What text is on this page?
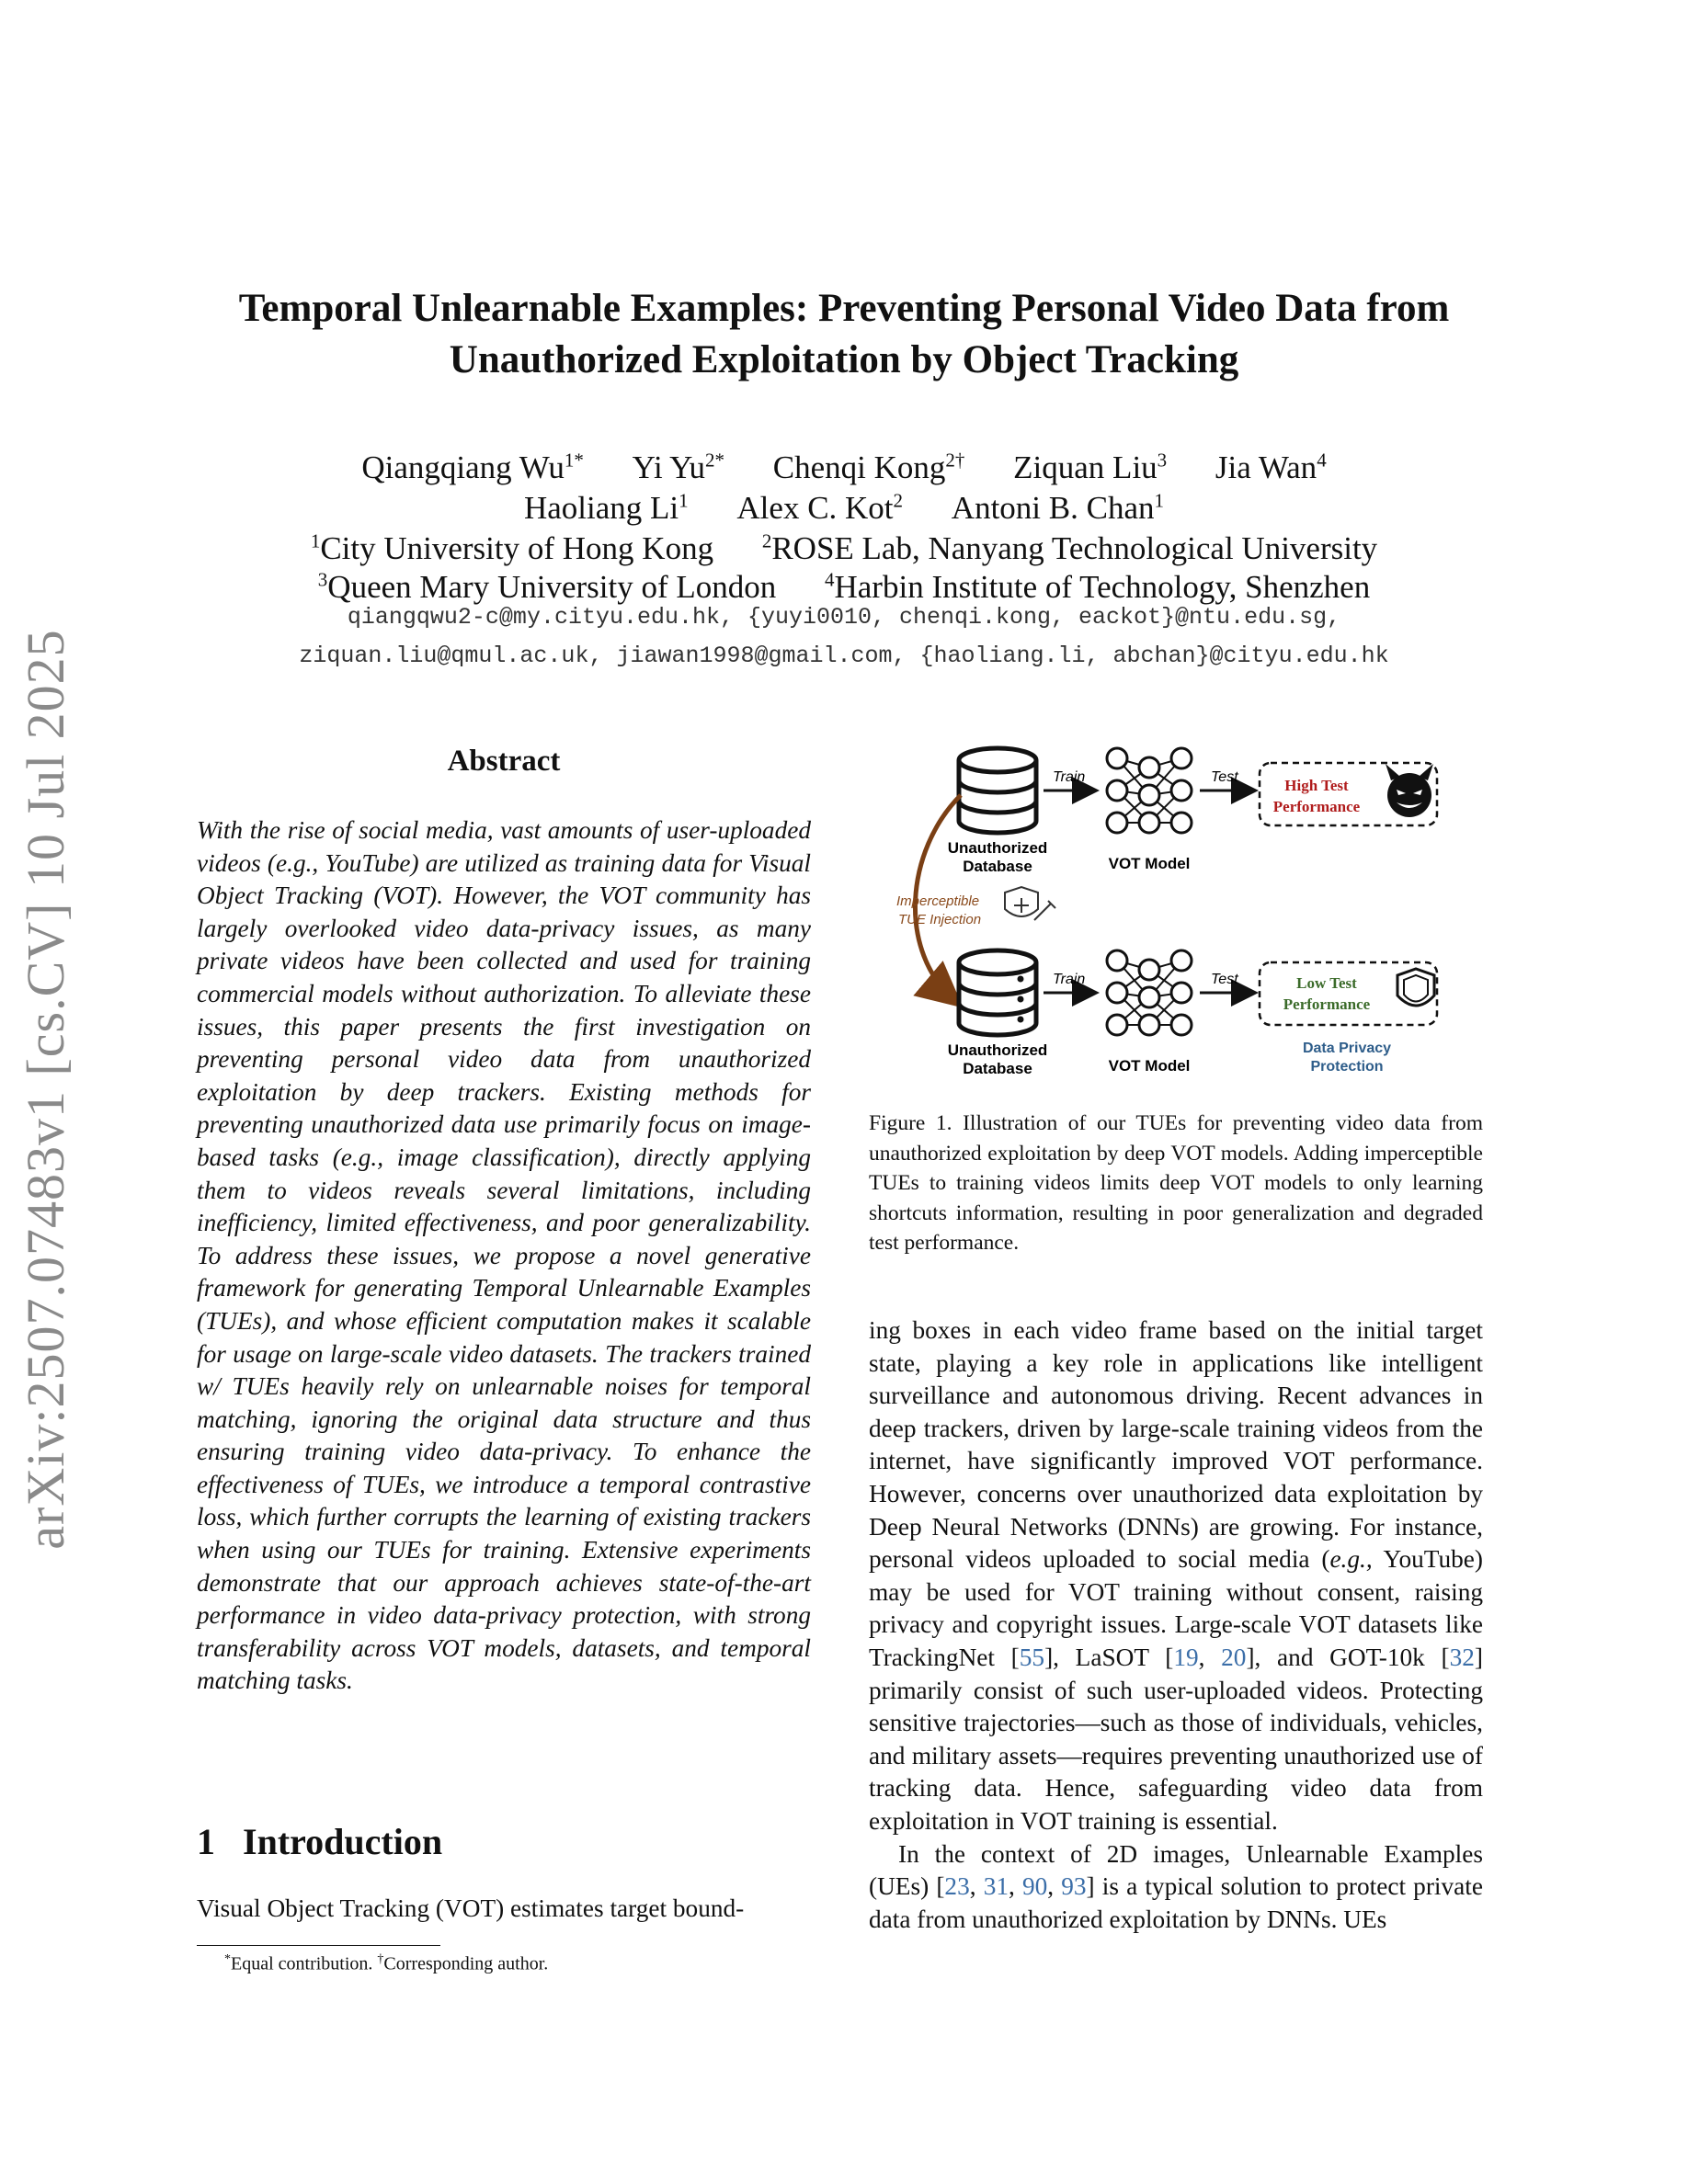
arXiv:2507.07483v1 [cs.CV] 10 Jul 2025
Temporal Unlearnable Examples: Preventing Personal Video Data from Unauthorized Exploitation by Object Tracking
Qiangqiang $Wu^{1*}$ Yi $Yu^{2*}$ Chenqi Kong$^{2\dagger}$ Ziquan Liu$^3$ Jia Wan$^4$
Haoliang Li$^1$ Alex C. Kot$^2$ Antoni B. Chan$^1$
$^1$City University of Hong Kong	$^2$ROSE Lab, Nanyang Technological University
$^3$Queen Mary University of London	$^4$Harbin Institute of Technology, Shenzhen
qiangqwu2-c@my.cityu.edu.hk, {yuyi0010, chenqi.kong, eackot}@ntu.edu.sg,
ziquan.liu@qmul.ac.uk, jiawan1998@gmail.com, {haoliang.li, abchan}@cityu.edu.hk
Abstract
With the rise of social media, vast amounts of user-uploaded videos (e.g., YouTube) are utilized as training data for Visual Object Tracking (VOT). However, the VOT community has largely overlooked video data-privacy issues, as many private videos have been collected and used for training commercial models without authorization. To alleviate these issues, this paper presents the first investigation on preventing personal video data from unauthorized exploitation by deep trackers. Existing methods for preventing unauthorized data use primarily focus on image-based tasks (e.g., image classification), directly applying them to videos reveals several limitations, including inefficiency, limited effectiveness, and poor generalizability. To address these issues, we propose a novel generative framework for generating Temporal Unlearnable Examples (TUEs), and whose efficient computation makes it scalable for usage on large-scale video datasets. The trackers trained w/ TUEs heavily rely on unlearnable noises for temporal matching, ignoring the original data structure and thus ensuring training video data-privacy. To enhance the effectiveness of TUEs, we introduce a temporal contrastive loss, which further corrupts the learning of existing trackers when using our TUEs for training. Extensive experiments demonstrate that our approach achieves state-of-the-art performance in video data-privacy protection, with strong transferability across VOT models, datasets, and temporal matching tasks.
1 Introduction
Visual Object Tracking (VOT) estimates target bound-
*Equal contribution. †Corresponding author.
Unauthorized
Database
Train
VOT Model
Test	High Test
Performance
Imperceptible
TUE Injection
Unauthorized
Database
Train
VOT Model
Test	Low Test
Performance
Data Privacy
Protection
Figure 1. Illustration of our TUEs for preventing video data from unauthorized exploitation by deep VOT models. Adding imperceptible TUEs to training videos limits deep VOT models to only learning shortcuts information, resulting in poor generalization and degraded test performance.

ing boxes in each video frame based on the initial target state, playing a key role in applications like intelligent surveillance and autonomous driving. Recent advances in deep trackers, driven by large-scale training videos from the internet, have significantly improved VOT performance. However, concerns over unauthorized data exploitation by Deep Neural Networks (DNNs) are growing. For instance, personal videos uploaded to social media (e.g., YouTube) may be used for VOT training without consent, raising privacy and copyright issues. Large-scale VOT datasets like TrackingNet [55], LaSOT [19, 20], and GOT-10k [32] primarily consist of such user-uploaded videos. Protecting sensitive trajectories—such as those of individuals, vehicles, and military assets—requires preventing unauthorized use of tracking data. Hence, safeguarding video data from exploitation in VOT training is essential.

In the context of 2D images, Unlearnable Examples (UEs) [23, 31, 90, 93] is a typical solution to protect private data from unauthorized exploitation by DNNs. UEs
